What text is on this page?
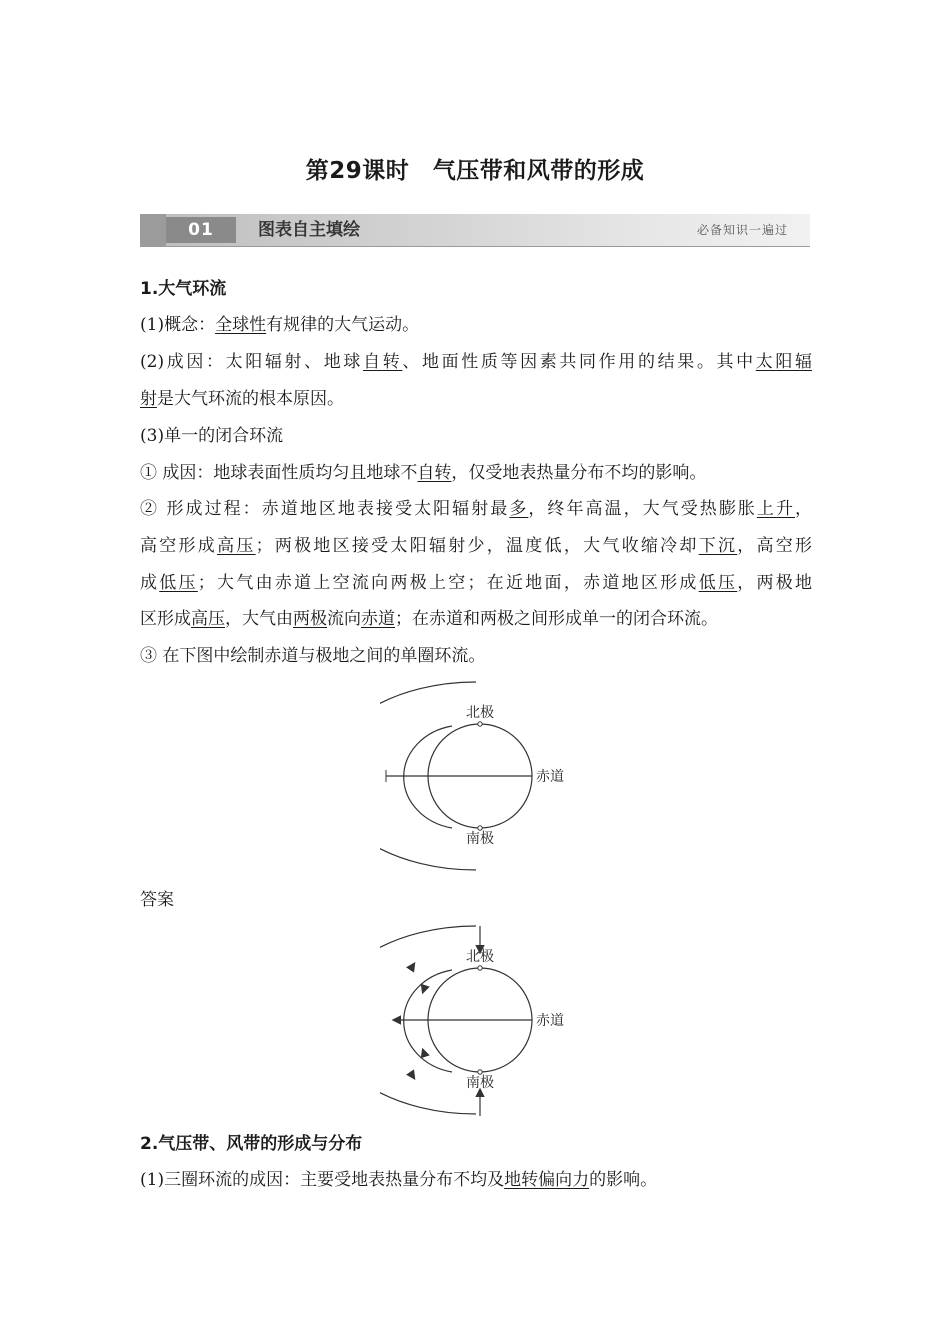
第29课时　气压带和风带的形成
01	图表自主填绘	必备知识一遍过
1.大气环流
(1)概念：全球性有规律的大气运动。
(2)成因：太阳辐射、地球自转、地面性质等因素共同作用的结果。其中太阳辐
射是大气环流的根本原因。
(3)单一的闭合环流
① 成因：地球表面性质均匀且地球不自转，仅受地表热量分布不均的影响。
② 形成过程：赤道地区地表接受太阳辐射最多，终年高温，大气受热膨胀上升，
高空形成高压；两极地区接受太阳辐射少，温度低，大气收缩冷却下沉，高空形
成低压；大气由赤道上空流向两极上空；在近地面，赤道地区形成低压，两极地
区形成高压，大气由两极流向赤道；在赤道和两极之间形成单一的闭合环流。
③ 在下图中绘制赤道与极地之间的单圈环流。
北极
南极
赤道
答案
北极
南极
赤道
2.气压带、风带的形成与分布
(1)三圈环流的成因：主要受地表热量分布不均及地转偏向力的影响。
